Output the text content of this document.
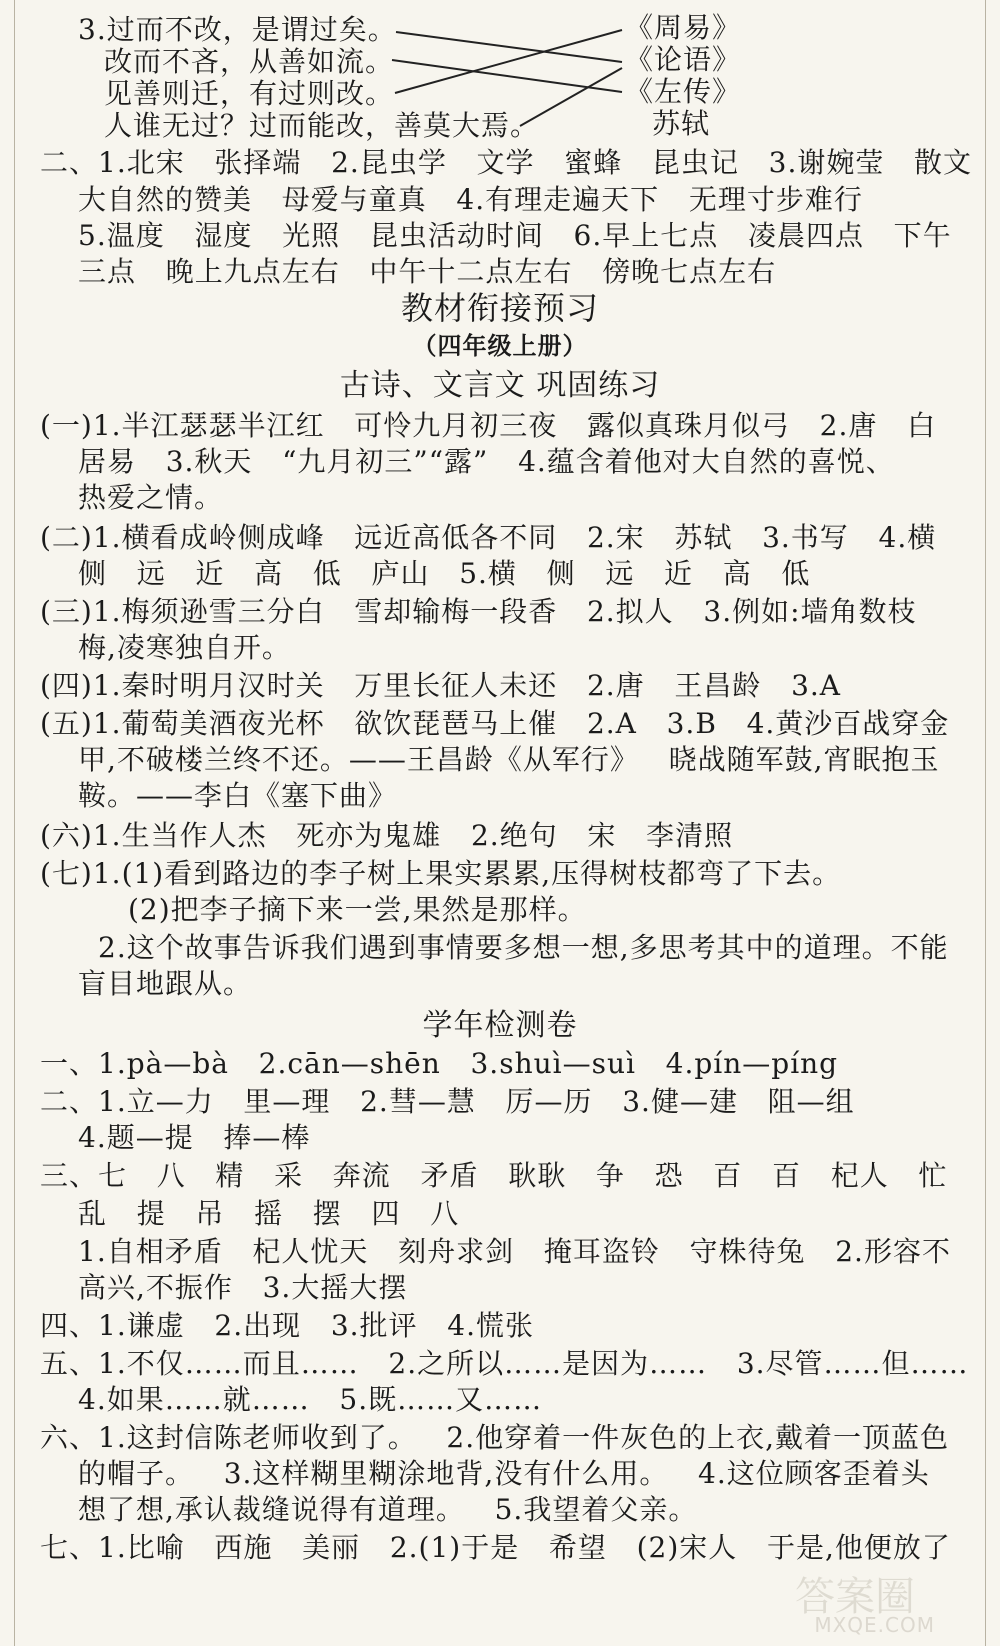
3.过而不改，是谓过矣。
改而不吝，从善如流。
见善则迁，有过则改。
人谁无过？过而能改，善莫大焉。
《周易》
《论语》
《左传》
苏轼
二、1.北宋   张择端   2.昆虫学   文学   蜜蜂   昆虫记   3.谢婉莹   散文
大自然的赞美   母爱与童真   4.有理走遍天下   无理寸步难行
5.温度   湿度   光照   昆虫活动时间   6.早上七点   凌晨四点   下午
三点   晚上九点左右   中午十二点左右   傍晚七点左右
教材衔接预习
（四年级上册）
古诗、文言文 巩固练习
(一)1.半江瑟瑟半江红   可怜九月初三夜   露似真珠月似弓   2.唐   白
居易   3.秋天   “九月初三”“露”   4.蕴含着他对大自然的喜悦、
热爱之情。
(二)1.横看成岭侧成峰   远近高低各不同   2.宋   苏轼   3.书写   4.横
侧   远   近   高   低   庐山   5.横   侧   远   近   高   低
(三)1.梅须逊雪三分白   雪却输梅一段香   2.拟人   3.例如:墙角数枝
梅,凌寒独自开。
(四)1.秦时明月汉时关   万里长征人未还   2.唐   王昌龄   3.A
(五)1.葡萄美酒夜光杯   欲饮琵琶马上催   2.A   3.B   4.黄沙百战穿金
甲,不破楼兰终不还。——王昌龄《从军行》   晓战随军鼓,宵眠抱玉
鞍。——李白《塞下曲》
(六)1.生当作人杰   死亦为鬼雄   2.绝句   宋   李清照
(七)1.(1)看到路边的李子树上果实累累,压得树枝都弯了下去。
(2)把李子摘下来一尝,果然是那样。
2.这个故事告诉我们遇到事情要多想一想,多思考其中的道理。不能
盲目地跟从。
学年检测卷
一、1.pà—bà   2.cān—shēn   3.shuì—suì   4.pín—píng
二、1.立—力   里—理   2.彗—慧   厉—历   3.健—建   阻—组
4.题—提   捧—棒
三、七   八   精   采   奔流   矛盾   耿耿   争   恐   百   百   杞人   忙
乱   提   吊   摇   摆   四   八
1.自相矛盾   杞人忧天   刻舟求剑   掩耳盗铃   守株待兔   2.形容不
高兴,不振作   3.大摇大摆
四、1.谦虚   2.出现   3.批评   4.慌张
五、1.不仅……而且……   2.之所以……是因为……   3.尽管……但……
4.如果……就……   5.既……又……
六、1.这封信陈老师收到了。   2.他穿着一件灰色的上衣,戴着一顶蓝色
的帽子。   3.这样糊里糊涂地背,没有什么用。   4.这位顾客歪着头
想了想,承认裁缝说得有道理。   5.我望着父亲。
七、1.比喻   西施   美丽   2.(1)于是   希望   (2)宋人   于是,他便放了
答案圈
MXQE.COM
